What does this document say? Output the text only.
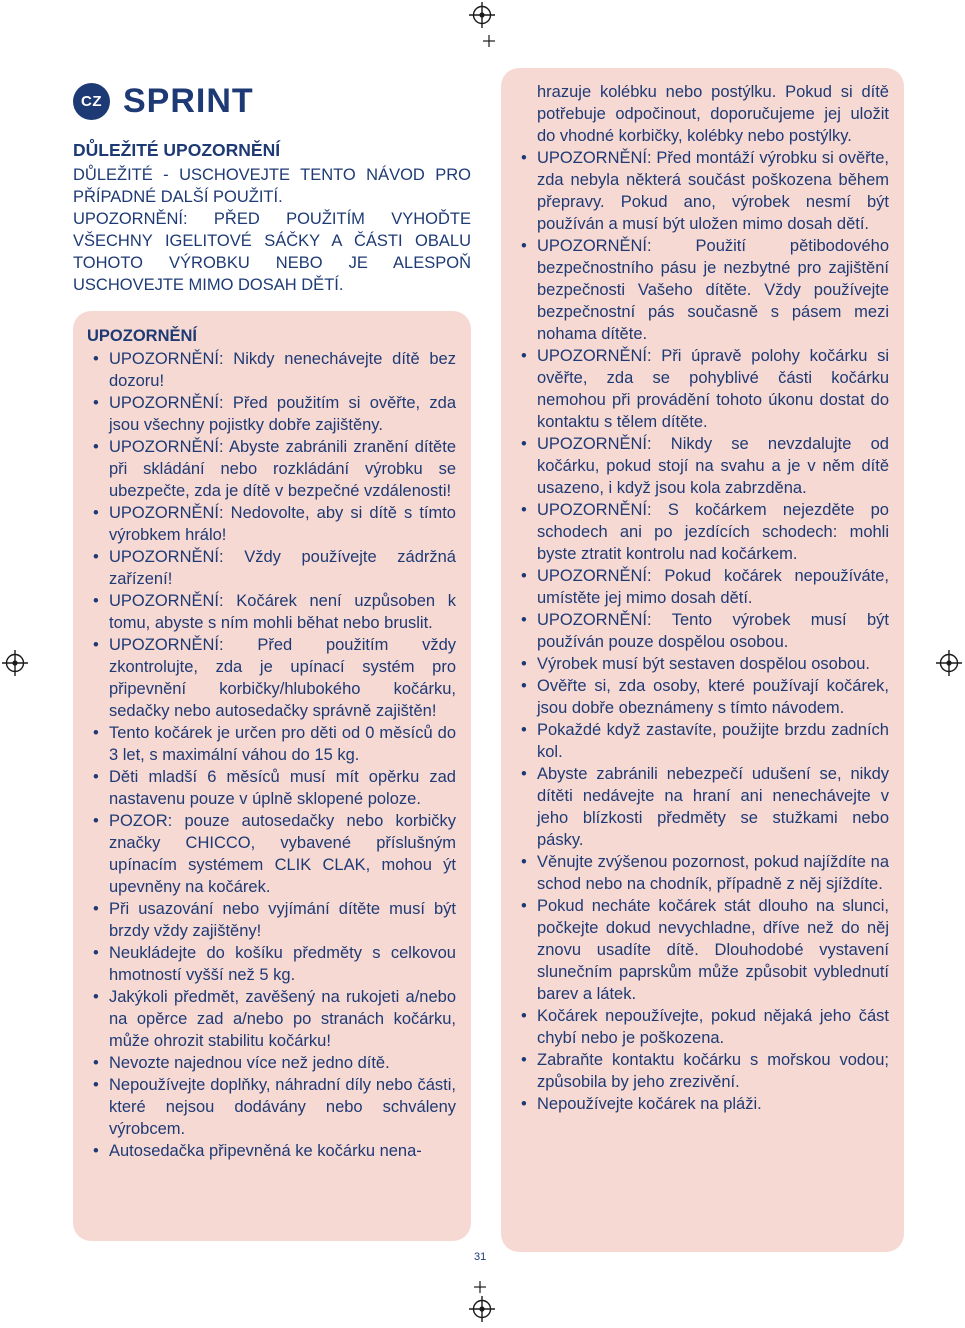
CZ SPRINT
DŮLEŽITÉ UPOZORNĚNÍ

DŮLEŽITÉ - USCHOVEJTE TENTO NÁVOD PRO PŘÍPADNÉ DALŠÍ POUŽITÍ.

UPOZORNĚNÍ: PŘED POUŽITÍM VYHOĎTE VŠECHNY IGELITOVÉ SÁČKY A ČÁSTI OBALU TOHOTO VÝROBKU NEBO JE ALESPOŇ USCHOVEJTE MIMO DOSAH DĚTÍ.

UPOZORNĚNÍ
• UPOZORNĚNÍ: Nikdy nenechávejte dítě bez dozoru!
• UPOZORNĚNÍ: Před použitím si ověřte, zda jsou všechny pojistky dobře zajištěny.
• UPOZORNĚNÍ: Abyste zabránili zranění dítěte při skládání nebo rozkládání výrobku se ubezpečte, zda je dítě v bezpečné vzdálenosti!
• UPOZORNĚNÍ: Nedovolte, aby si dítě s tímto výrobkem hrálo!
• UPOZORNĚNÍ: Vždy používejte zádržná zařízení!
• UPOZORNĚNÍ: Kočárek není uzpůsoben k tomu, abyste s ním mohli běhat nebo bruslit.
• UPOZORNĚNÍ: Před použitím vždy zkontrolujte, zda je upínací systém pro připevnění korbičky/hlubokého kočárku, sedačky nebo autosedačky správně zajištěn!
• Tento kočárek je určen pro děti od 0 měsíců do 3 let, s maximální váhou do 15 kg.
• Děti mladší 6 měsíců musí mít opěrku zad nastavenu pouze v úplně sklopené poloze.
• POZOR: pouze autosedačky nebo korbičky značky CHICCO, vybavené příslušným upínacím systémem CLIK CLAK, mohou ýt upevněny na kočárek.
• Při usazování nebo vyjímání dítěte musí být brzdy vždy zajištěny!
• Neukládejte do košíku předměty s celkovou hmotností vyšší než 5 kg.
• Jakýkoli předmět, zavěšený na rukojeti a/nebo na opěrce zad a/nebo po stranách kočárku, může ohrozit stabilitu kočárku!
• Nevozte najednou více než jedno dítě.
• Nepoužívejte doplňky, náhradní díly nebo části, které nejsou dodávány nebo schváleny výrobcem.
• Autosedačka připevněná ke kočárku nena-

hrazuje kolébku nebo postýlku. Pokud si dítě potřebuje odpočinout, doporučujeme jej uložit do vhodné korbičky, kolébky nebo postýlky.

• UPOZORNĚNÍ: Před montáží výrobku si ověřte, zda nebyla některá součást poškozena během přepravy. Pokud ano, výrobek nesmí být používán a musí být uložen mimo dosah dětí.
• UPOZORNĚNÍ: Použití pětibodového bezpečnostního pásu je nezbytné pro zajištění bezpečnosti Vašeho dítěte. Vždy používejte bezpečnostní pás současně s pásem mezi nohama dítěte.
• UPOZORNĚNÍ: Při úpravě polohy kočárku si ověřte, zda se pohyblivé části kočárku nemohou při provádění tohoto úkonu dostat do kontaktu s tělem dítěte.
• UPOZORNĚNÍ: Nikdy se nevzdalujte od kočárku, pokud stojí na svahu a je v něm dítě usazeno, i když jsou kola zabrzděna.
• UPOZORNĚNÍ: S kočárkem nejezděte po schodech ani po jezdících schodech: mohli byste ztratit kontrolu nad kočárkem.
• UPOZORNĚNÍ: Pokud kočárek nepoužíváte, umístěte jej mimo dosah dětí.
• UPOZORNĚNÍ: Tento výrobek musí být používán pouze dospělou osobou.
• Výrobek musí být sestaven dospělou osobou.
• Ověřte si, zda osoby, které používají kočárek, jsou dobře obeznámeny s tímto návodem.
• Pokaždé když zastavíte, použijte brzdu zadních kol.
• Abyste zabránili nebezpečí udušení se, nikdy dítěti nedávejte na hraní ani nenechávejte v jeho blízkosti předměty se stužkami nebo pásky.
• Věnujte zvýšenou pozornost, pokud najíždíte na schod nebo na chodník, případně z něj sjíždíte.
• Pokud necháte kočárek stát dlouho na slunci, počkejte dokud nevychladne, dříve než do něj znovu usadíte dítě. Dlouhodobé vystavení slunečním paprskům může způsobit vyblednutí barev a látek.
• Kočárek nepoužívejte, pokud nějaká jeho část chybí nebo je poškozena.
• Zabraňte kontaktu kočárku s mořskou vodou; způsobila by jeho zrezivění.
• Nepoužívejte kočárek na pláži.
31
